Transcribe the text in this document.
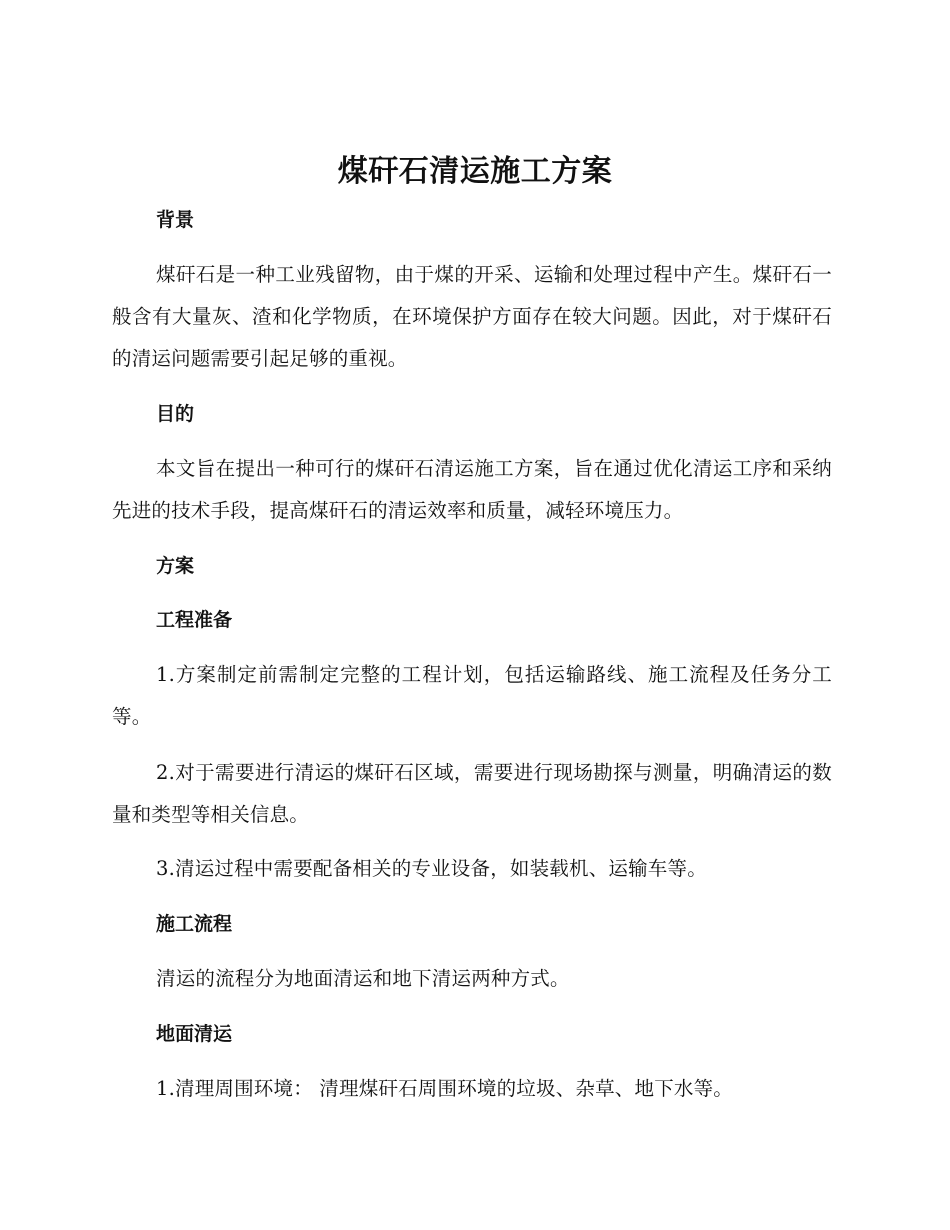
煤矸石清运施工方案
背景
煤矸石是一种工业残留物，由于煤的开采、运输和处理过程中产生。煤矸石一般含有大量灰、渣和化学物质，在环境保护方面存在较大问题。因此，对于煤矸石的清运问题需要引起足够的重视。
目的
本文旨在提出一种可行的煤矸石清运施工方案，旨在通过优化清运工序和采纳先进的技术手段，提高煤矸石的清运效率和质量，减轻环境压力。
方案
工程准备
1.方案制定前需制定完整的工程计划，包括运输路线、施工流程及任务分工等。
2.对于需要进行清运的煤矸石区域，需要进行现场勘探与测量，明确清运的数量和类型等相关信息。
3.清运过程中需要配备相关的专业设备，如装载机、运输车等。
施工流程
清运的流程分为地面清运和地下清运两种方式。
地面清运
1.清理周围环境： 清理煤矸石周围环境的垃圾、杂草、地下水等。
